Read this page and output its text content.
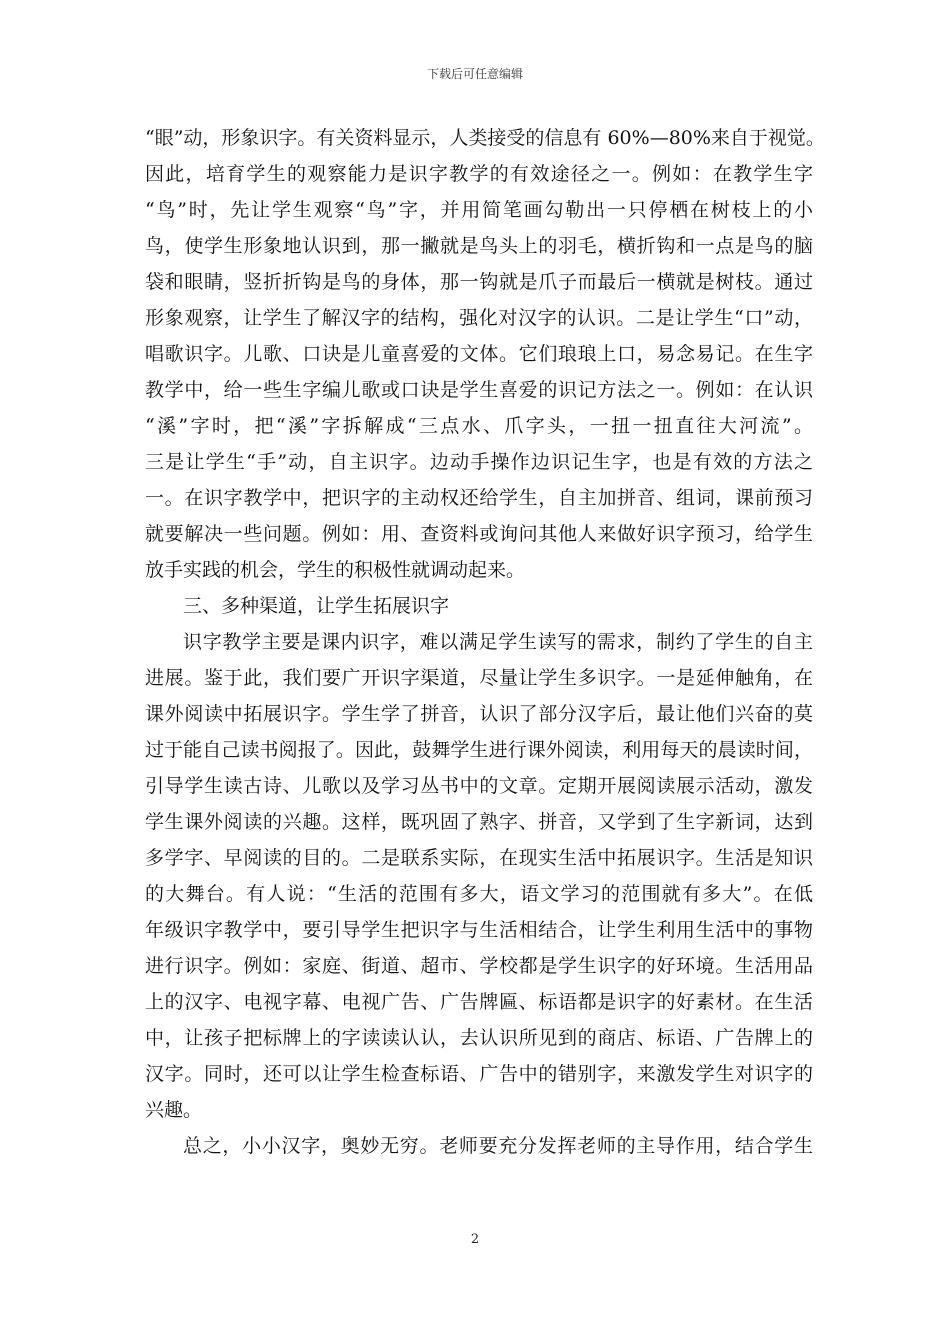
下载后可任意编辑
“眼”动，形象识字。有关资料显示，人类接受的信息有 60%—80%来自于视觉。
因此，培育学生的观察能力是识字教学的有效途径之一。例如：在教学生字
“鸟”时，先让学生观察“鸟”字，并用简笔画勾勒出一只停栖在树枝上的小
鸟，使学生形象地认识到，那一撇就是鸟头上的羽毛，横折钩和一点是鸟的脑
袋和眼睛，竖折折钩是鸟的身体，那一钩就是爪子而最后一横就是树枝。通过
形象观察，让学生了解汉字的结构，强化对汉字的认识。二是让学生“口”动，
唱歌识字。儿歌、口诀是儿童喜爱的文体。它们琅琅上口，易念易记。在生字
教学中，给一些生字编儿歌或口诀是学生喜爱的识记方法之一。例如：在认识
“溪”字时，把“溪”字拆解成“三点水、爪字头，一扭一扭直往大河流”。
三是让学生“手”动，自主识字。边动手操作边识记生字，也是有效的方法之
一。在识字教学中，把识字的主动权还给学生，自主加拼音、组词，课前预习
就要解决一些问题。例如：用、查资料或询问其他人来做好识字预习，给学生
放手实践的机会，学生的积极性就调动起来。
三、多种渠道，让学生拓展识字
识字教学主要是课内识字，难以满足学生读写的需求，制约了学生的自主
进展。鉴于此，我们要广开识字渠道，尽量让学生多识字。一是延伸触角，在
课外阅读中拓展识字。学生学了拼音，认识了部分汉字后，最让他们兴奋的莫
过于能自己读书阅报了。因此，鼓舞学生进行课外阅读，利用每天的晨读时间，
引导学生读古诗、儿歌以及学习丛书中的文章。定期开展阅读展示活动，激发
学生课外阅读的兴趣。这样，既巩固了熟字、拼音，又学到了生字新词，达到
多学字、早阅读的目的。二是联系实际，在现实生活中拓展识字。生活是知识
的大舞台。有人说：“生活的范围有多大，语文学习的范围就有多大”。在低
年级识字教学中，要引导学生把识字与生活相结合，让学生利用生活中的事物
进行识字。例如：家庭、街道、超市、学校都是学生识字的好环境。生活用品
上的汉字、电视字幕、电视广告、广告牌匾、标语都是识字的好素材。在生活
中，让孩子把标牌上的字读读认认，去认识所见到的商店、标语、广告牌上的
汉字。同时，还可以让学生检查标语、广告中的错别字，来激发学生对识字的
兴趣。
总之，小小汉字，奥妙无穷。老师要充分发挥老师的主导作用，结合学生
2
